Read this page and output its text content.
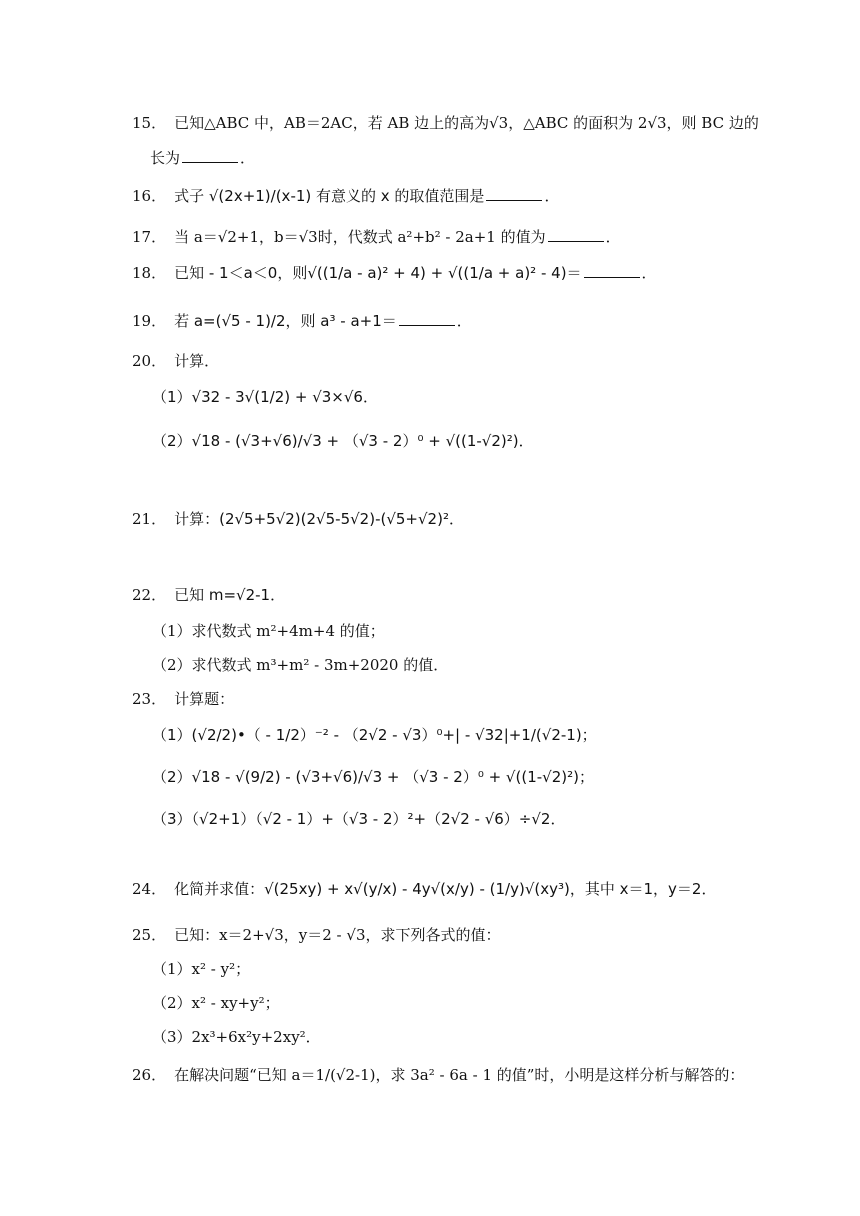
15． 已知△ABC 中，AB＝2AC，若 AB 边上的高为√3，△ABC 的面积为 2√3，则 BC 边的
长为	．
16． 式子 √(2x+1)/(x-1) 有意义的 x 的取值范围是	．
17． 当 a＝√2+1，b＝√3时，代数式 a²+b² - 2a+1 的值为	．
18． 已知 - 1＜a＜0，则√((1/a - a)² + 4) + √((1/a + a)² - 4)＝	．
19． 若 a=(√5 - 1)/2，则 a³ - a+1＝	．
20． 计算．
（1）√32 - 3√(1/2) + √3×√6．
（2）√18 - (√3+√6)/√3 + （√3 - 2）⁰ + √((1-√2)²)．
21． 计算：(2√5+5√2)(2√5-5√2)-(√5+√2)²．
22． 已知 m=√2-1．
（1）求代数式 m²+4m+4 的值；
（2）求代数式 m³+m² - 3m+2020 的值．
23． 计算题：
（1）(√2/2)•（ - 1/2）⁻² - （2√2 - √3）⁰+| - √32|+1/(√2-1)；
（2）√18 - √(9/2) - (√3+√6)/√3 + （√3 - 2）⁰ + √((1-√2)²)；
（3）（√2+1）（√2 - 1）+（√3 - 2）²+（2√2 - √6）÷√2．
24． 化简并求值：√(25xy) + x√(y/x) - 4y√(x/y) - (1/y)√(xy³)，其中 x＝1，y＝2．
25． 已知：x＝2+√3，y＝2 - √3，求下列各式的值：
（1）x² - y²；
（2）x² - xy+y²；
（3）2x³+6x²y+2xy²．
26． 在解决问题“已知 a＝1/(√2-1)，求 3a² - 6a - 1 的值”时，小明是这样分析与解答的：
